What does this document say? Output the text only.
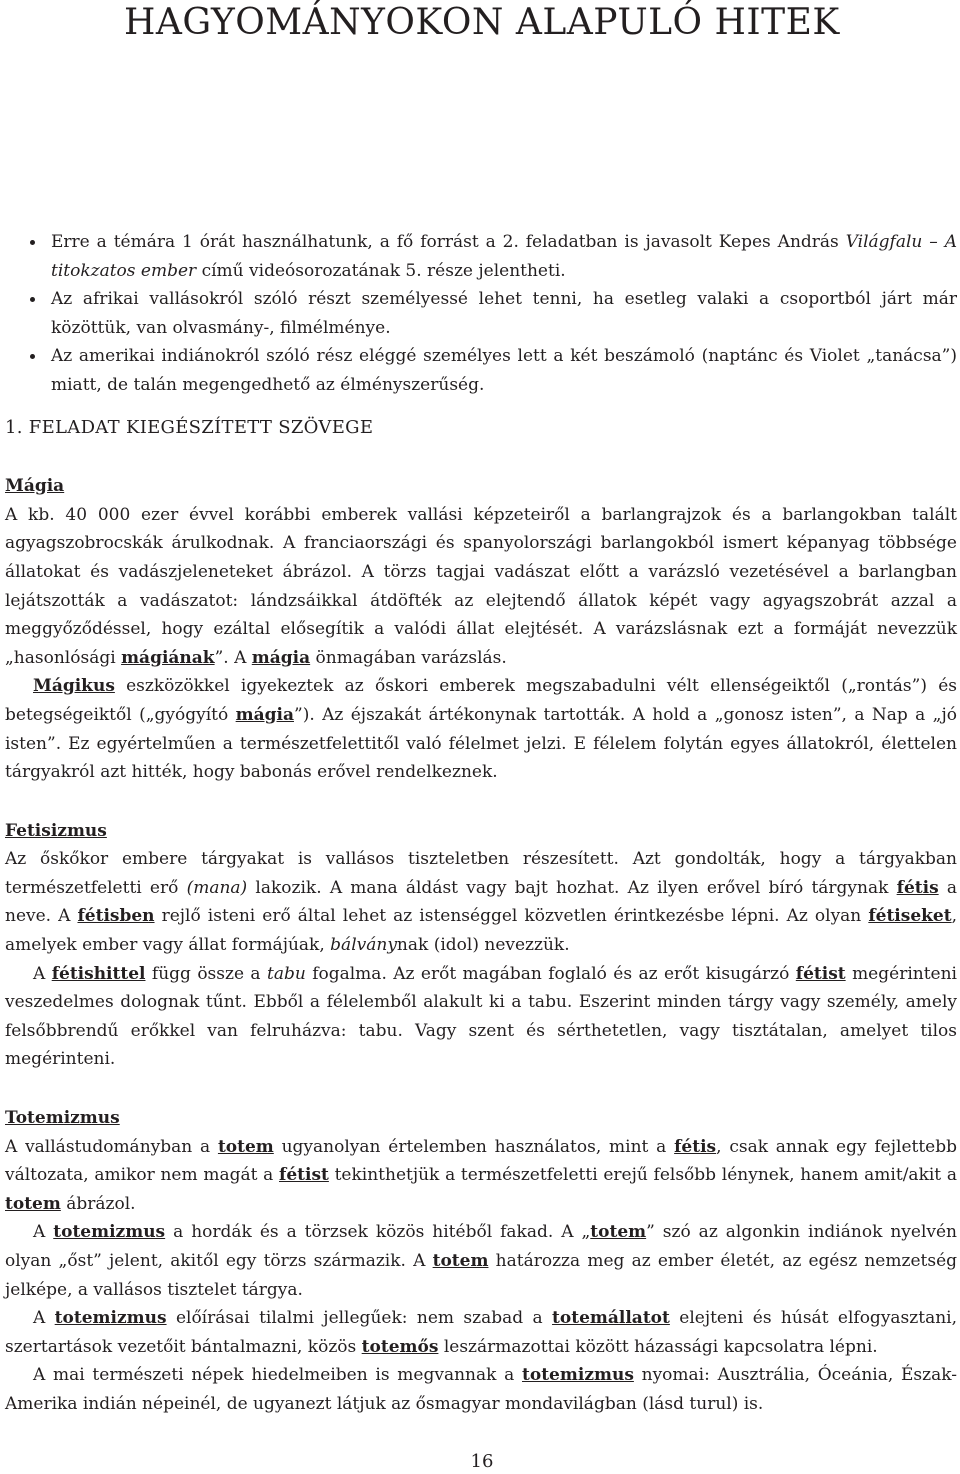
HAGYOMÁNYOKON ALAPULÓ HITEK
Erre a témára 1 órát használhatunk, a fő forrást a 2. feladatban is javasolt Kepes András Világfalu – A titokzatos ember című videósorozatának 5. része jelentheti.
Az afrikai vallásokról szóló részt személyessé lehet tenni, ha esetleg valaki a csoportból járt már közöttük, van olvasmány-, filmélménye.
Az amerikai indiánokról szóló rész eléggé személyes lett a két beszámoló (naptánc és Violet „tanácsa”) miatt, de talán megengedhető az élményszerűség.
1. FELADAT KIEGÉSZÍTETT SZÖVEGE
Mágia

A kb. 40 000 ezer évvel korábbi emberek vallási képzeteiről a barlangrajzok és a barlangokban talált agyagszobrocskák árulkodnak. A franciaországi és spanyolországi barlangokból ismert képanyag többsége állatokat és vadászjeleneteket ábrázol. A törzs tagjai vadászat előtt a varázsló vezetésével a barlangban lejátszották a vadászatot: lándzsáikkal átdöfték az elejtendő állatok képét vagy agyagszobrát azzal a meggyőződéssel, hogy ezáltal elősegítik a valódi állat elejtését. A varázslásnak ezt a formáját nevezzük „hasonlósági mágiának”. A mágia önmagában varázslás.

Mágikus eszközökkel igyekeztek az őskori emberek megszabadulni vélt ellenségeiktől („rontás”) és betegségeiktől („gyógyító mágia”). Az éjszakát ártékonynak tartották. A hold a „gonosz isten”, a Nap a „jó isten”. Ez egyértelműen a természetfelettitől való félelmet jelzi. E félelem folytán egyes állatokról, élettelen tárgyakról azt hitték, hogy babonás erővel rendelkeznek.

Fetisizmus

Az őskőkor embere tárgyakat is vallásos tiszteletben részesített. Azt gondolták, hogy a tárgyakban természetfeletti erő (mana) lakozik. A mana áldást vagy bajt hozhat. Az ilyen erővel bíró tárgynak fétis a neve. A fétisben rejlő isteni erő által lehet az istenséggel közvetlen érintkezésbe lépni. Az olyan fétiseket, amelyek ember vagy állat formájúak, bálványnak (idol) nevezzük.

A fétishittel függ össze a tabu fogalma. Az erőt magában foglaló és az erőt kisugárzó fétist megérinteni veszedelmes dolognak tűnt. Ebből a félelemből alakult ki a tabu. Eszerint minden tárgy vagy személy, amely felsőbbrendű erőkkel van felruházva: tabu. Vagy szent és sérthetetlen, vagy tisztátalan, amelyet tilos megérinteni.

Totemizmus

A vallástudományban a totem ugyanolyan értelemben használatos, mint a fétis, csak annak egy fejlettebb változata, amikor nem magát a fétist tekinthetjük a természetfeletti erejű felsőbb lénynek, hanem amit/akit a totem ábrázol.

A totemizmus a hordák és a törzsek közös hitéből fakad. A „totem” szó az algonkin indiánok nyelvén olyan „őst” jelent, akitől egy törzs származik. A totem határozza meg az ember életét, az egész nemzetség jelképe, a vallásos tisztelet tárgya.

A totemizmus előírásai tilalmi jellegűek: nem szabad a totemállatot elejteni és húsát elfogyasztani, szertartások vezetőit bántalmazni, közös totemős leszármazottai között házassági kapcsolatra lépni.

A mai természeti népek hiedelmeiben is megvannak a totemizmus nyomai: Ausztrália, Óceánia, Észak-Amerika indián népeinél, de ugyanezt látjuk az ősmagyar mondavilágban (lásd turul) is.

16
